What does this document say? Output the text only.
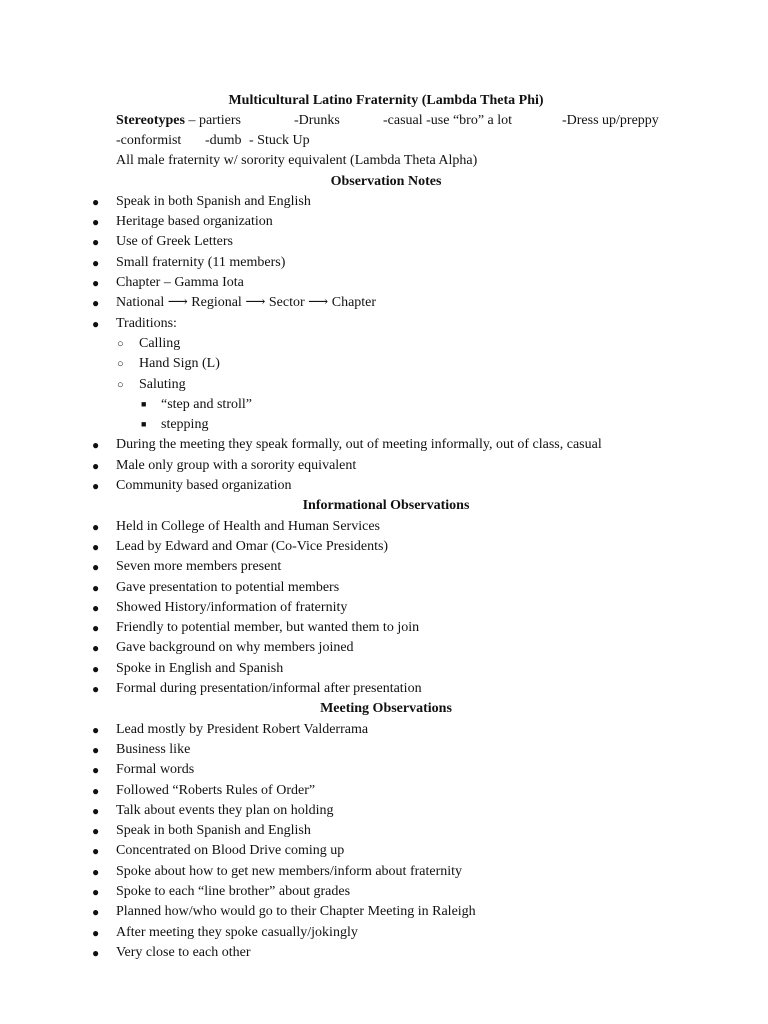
Multicultural Latino Fraternity (Lambda Theta Phi)
Stereotypes – partiers	-Drunks	-casual -use “bro” a lot	-Dress up/preppy
-conformist -dumb - Stuck Up
All male fraternity w/ sorority equivalent (Lambda Theta Alpha)
Observation Notes
● Speak in both Spanish and English
● Heritage based organization
● Use of Greek Letters
● Small fraternity (11 members)
● Chapter – Gamma Iota
● National ⟶ Regional ⟶ Sector ⟶ Chapter
● Traditions:
○ Calling
○ Hand Sign (L)
○ Saluting
■ “step and stroll”
■ stepping
● During the meeting they speak formally, out of meeting informally, out of class, casual
● Male only group with a sorority equivalent
● Community based organization
Informational Observations
● Held in College of Health and Human Services
● Lead by Edward and Omar (Co-Vice Presidents)
● Seven more members present
● Gave presentation to potential members
● Showed History/information of fraternity
● Friendly to potential member, but wanted them to join
● Gave background on why members joined
● Spoke in English and Spanish
● Formal during presentation/informal after presentation
Meeting Observations
● Lead mostly by President Robert Valderrama
● Business like
● Formal words
● Followed “Roberts Rules of Order”
● Talk about events they plan on holding
● Speak in both Spanish and English
● Concentrated on Blood Drive coming up
● Spoke about how to get new members/inform about fraternity
● Spoke to each “line brother” about grades
● Planned how/who would go to their Chapter Meeting in Raleigh
● After meeting they spoke casually/jokingly
● Very close to each other
